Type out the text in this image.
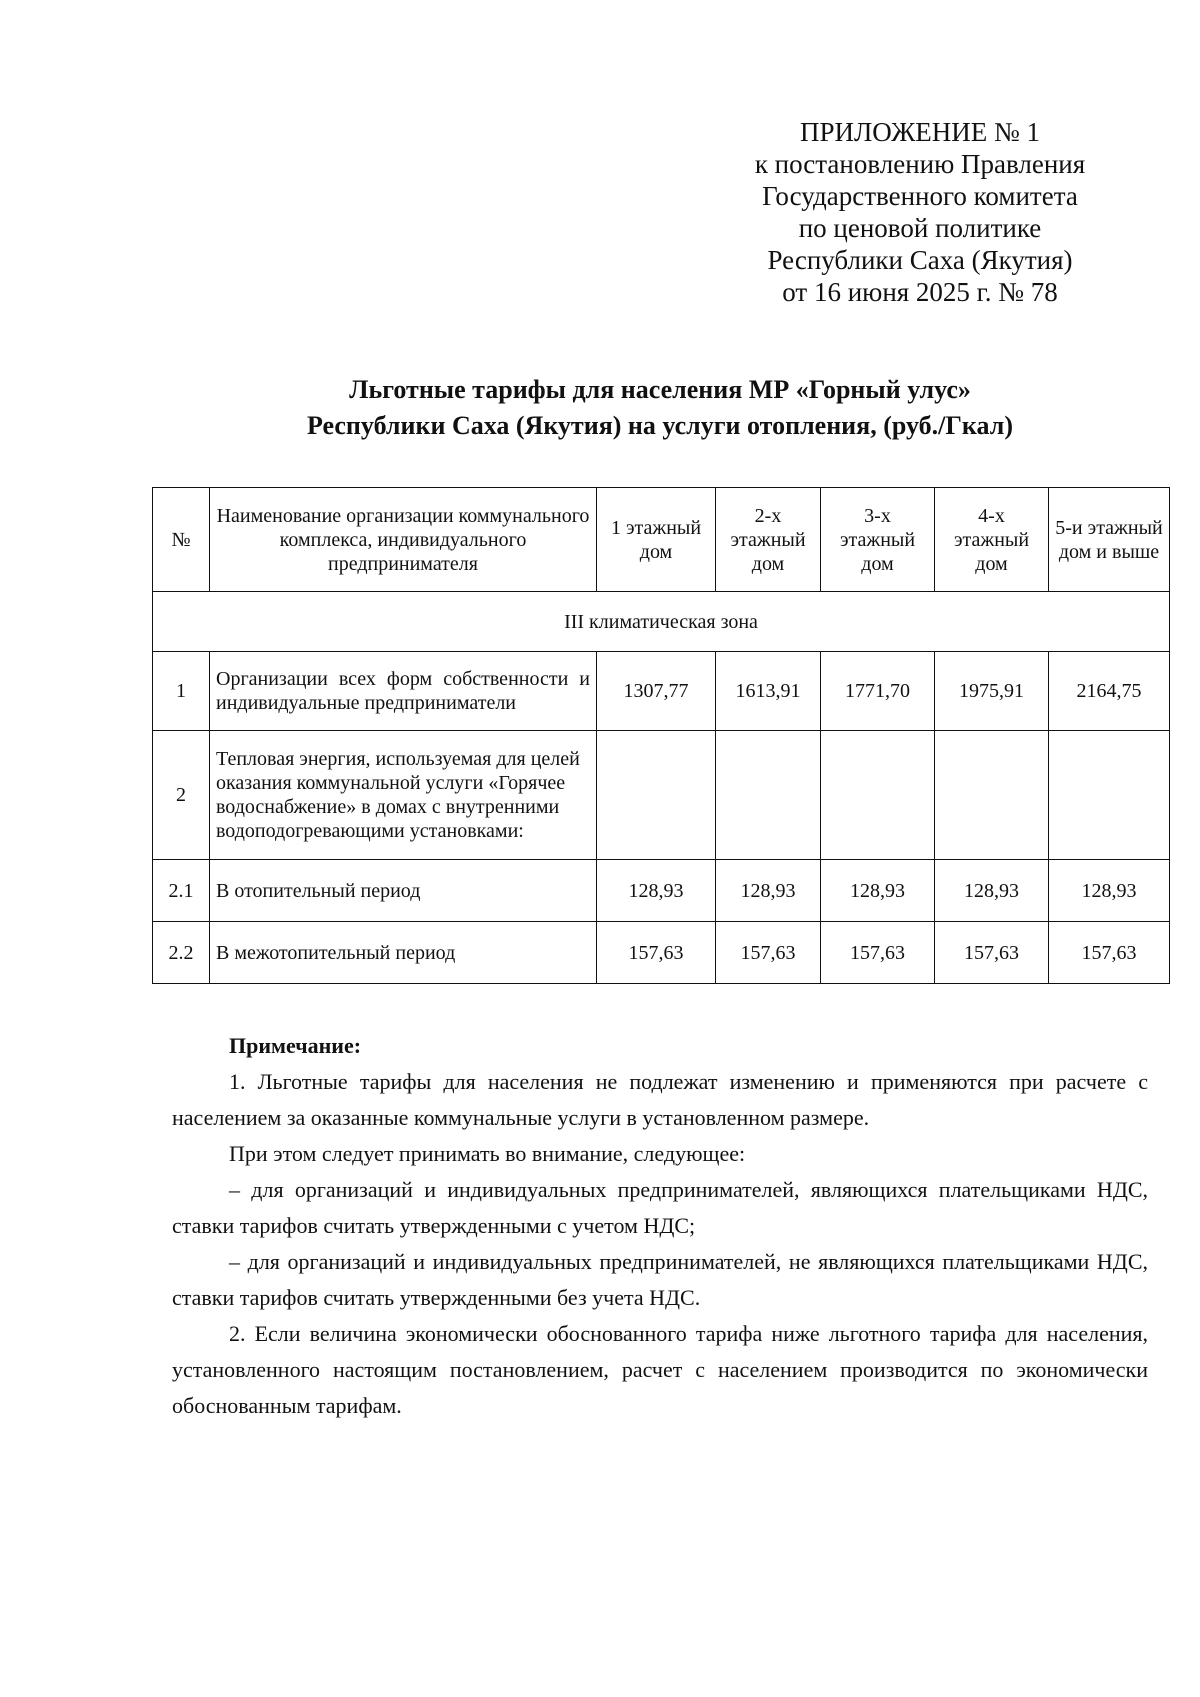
ПРИЛОЖЕНИЕ № 1
к постановлению Правления
Государственного комитета
по ценовой политике
Республики Саха (Якутия)
от 16 июня 2025 г. № 78
Льготные тарифы для населения МР «Горный улус»
Республики Саха (Якутия) на услуги отопления, (руб./Гкал)
№	Наименование организации коммунального комплекса, индивидуального предпринимателя	1 этажный дом	2-х этажный дом	3-х этажный дом	4-х этажный дом	5-и этажный дом и выше
III климатическая зона						
1	Организации всех форм собственности и индивидуальные предприниматели	1307,77	1613,91	1771,70	1975,91	2164,75
2	Тепловая энергия, используемая для целей оказания коммунальной услуги «Горячее водоснабжение» в домах с внутренними водоподогревающими установками:					
2.1	В отопительный период	128,93	128,93	128,93	128,93	128,93
2.2	В межотопительный период	157,63	157,63	157,63	157,63	157,63

Примечание:

1. Льготные тарифы для населения не подлежат изменению и применяются при расчете с населением за оказанные коммунальные услуги в установленном размере.

При этом следует принимать во внимание, следующее:

– для организаций и индивидуальных предпринимателей, являющихся плательщиками НДС, ставки тарифов считать утвержденными с учетом НДС;

– для организаций и индивидуальных предпринимателей, не являющихся плательщиками НДС, ставки тарифов считать утвержденными без учета НДС.

2. Если величина экономически обоснованного тарифа ниже льготного тарифа для населения, установленного настоящим постановлением, расчет с населением производится по экономически обоснованным тарифам.
